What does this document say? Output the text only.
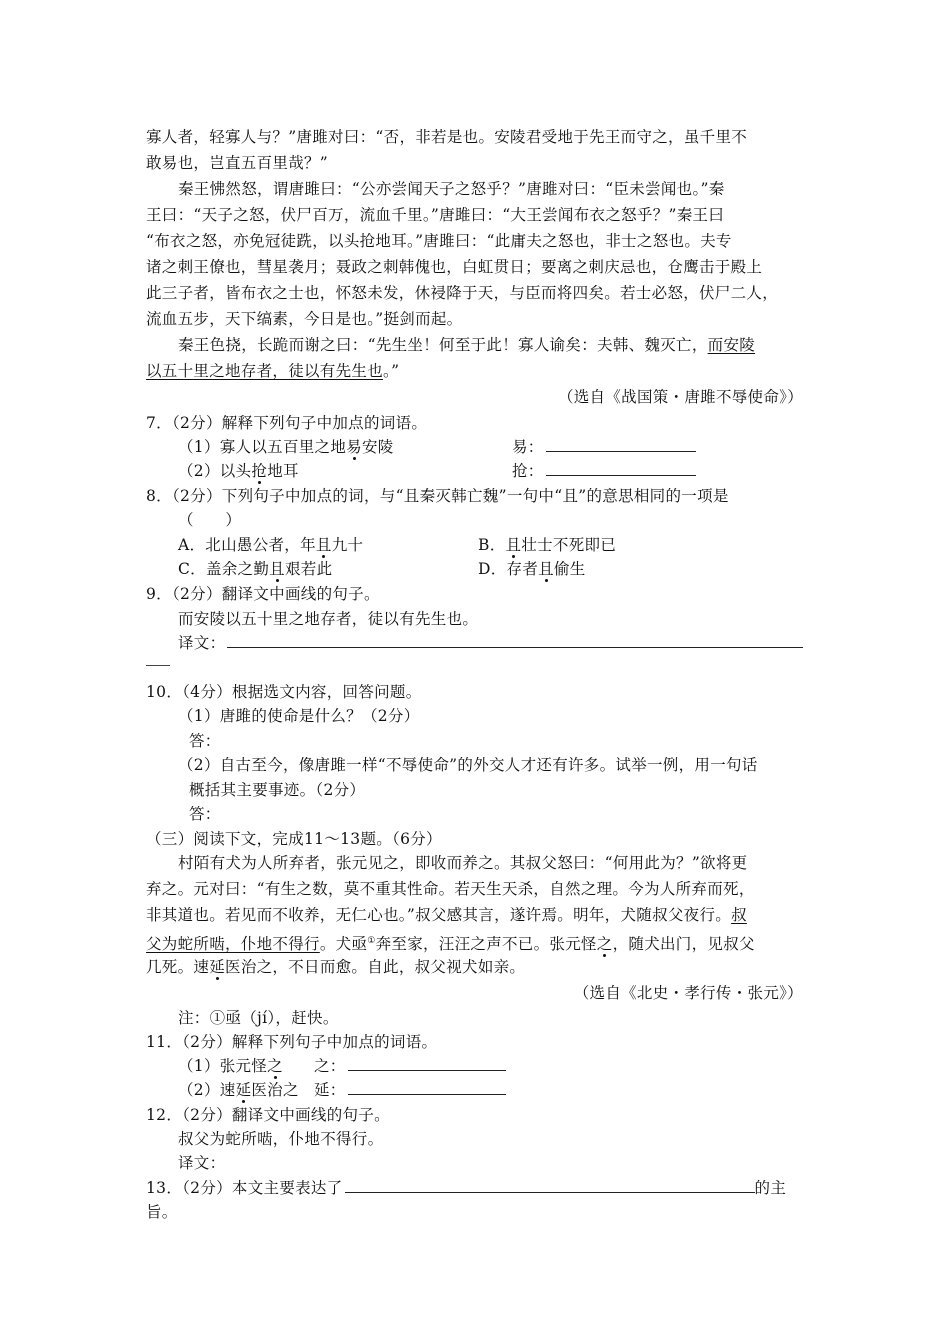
寡人者，轻寡人与？”唐雎对曰：“否，非若是也。安陵君受地于先王而守之，虽千里不
敢易也，岂直五百里哉？”
秦王怫然怒，谓唐雎曰：“公亦尝闻天子之怒乎？”唐雎对曰：“臣未尝闻也。”秦
王曰：“天子之怒，伏尸百万，流血千里。”唐雎曰：“大王尝闻布衣之怒乎？”秦王曰
“布衣之怒，亦免冠徒跣，以头抢地耳。”唐雎曰：“此庸夫之怒也，非士之怒也。夫专
诸之刺王僚也，彗星袭月；聂政之刺韩傀也，白虹贯日；要离之刺庆忌也，仓鹰击于殿上
此三子者，皆布衣之士也，怀怒未发，休祲降于天，与臣而将四矣。若士必怒，伏尸二人，
流血五步，天下缟素，今日是也。”挺剑而起。
秦王色挠，长跪而谢之曰：“先生坐！何至于此！寡人谕矣：夫韩、魏灭亡，而安陵
以五十里之地存者，徒以有先生也。”
（选自《战国策・唐雎不辱使命》）
7．（2分）解释下列句子中加点的词语。
（1）寡人以五百里之地易安陵	易：
（2）以头抢地耳	抢：
8．（2分）下列句子中加点的词，与“且秦灭韩亡魏”一句中“且”的意思相同的一项是
（　　）
A．北山愚公者，年且九十	B．且壮士不死即已
C．盖余之勤且艰若此	D．存者且偷生
9．（2分）翻译文中画线的句子。
而安陵以五十里之地存者，徒以有先生也。
译文：
10．（4分）根据选文内容，回答问题。
（1）唐雎的使命是什么？（2分）
答：
（2）自古至今，像唐雎一样“不辱使命”的外交人才还有许多。试举一例，用一句话
概括其主要事迹。（2分）
答：
（三）阅读下文，完成11～13题。（6分）
村陌有犬为人所弃者，张元见之，即收而养之。其叔父怒曰：“何用此为？”欲将更
弃之。元对曰：“有生之数，莫不重其性命。若天生天杀，自然之理。今为人所弃而死，
非其道也。若见而不收养，无仁心也。”叔父感其言，遂许焉。明年，犬随叔父夜行。叔
父为蛇所啮，仆地不得行。犬亟①奔至家，汪汪之声不已。张元怪之，随犬出门，见叔父
几死。速延医治之，不日而愈。自此，叔父视犬如亲。
（选自《北史・孝行传・张元》）
注：①亟（jí），赶快。
11．（2分）解释下列句子中加点的词语。
（1）张元怪之 之：
（2）速延医治之 延：
12．（2分）翻译文中画线的句子。
叔父为蛇所啮，仆地不得行。
译文：
13．（2分）本文主要表达了	的主
旨。
